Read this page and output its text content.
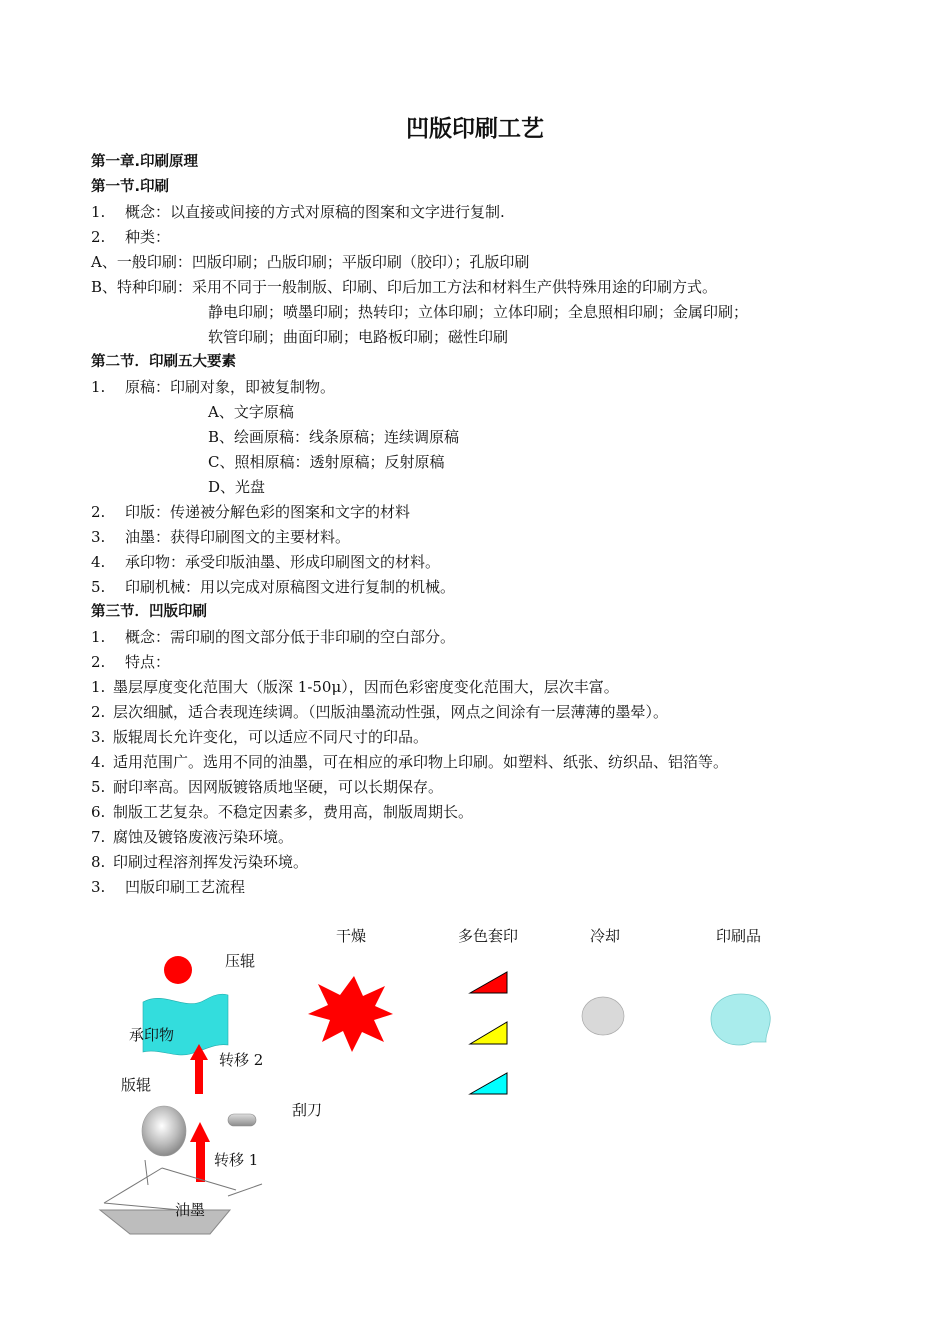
凹版印刷工艺
第一章.印刷原理
第一节.印刷
1. 概念：以直接或间接的方式对原稿的图案和文字进行复制.
2. 种类：
A、一般印刷：凹版印刷；凸版印刷；平版印刷（胶印）；孔版印刷
B、特种印刷：采用不同于一般制版、印刷、印后加工方法和材料生产供特殊用途的印刷方式。
静电印刷；喷墨印刷；热转印；立体印刷；立体印刷；全息照相印刷；金属印刷；
软管印刷；曲面印刷；电路板印刷；磁性印刷
第二节．印刷五大要素
1. 原稿：印刷对象，即被复制物。
A、文字原稿
B、绘画原稿：线条原稿；连续调原稿
C、照相原稿：透射原稿；反射原稿
D、光盘
2. 印版：传递被分解色彩的图案和文字的材料
3. 油墨：获得印刷图文的主要材料。
4. 承印物：承受印版油墨、形成印刷图文的材料。
5. 印刷机械：用以完成对原稿图文进行复制的机械。
第三节．凹版印刷
1. 概念：需印刷的图文部分低于非印刷的空白部分。
2. 特点：
1. 墨层厚度变化范围大（版深 1-50μ），因而色彩密度变化范围大，层次丰富。
2. 层次细腻，适合表现连续调。（凹版油墨流动性强，网点之间涂有一层薄薄的墨晕）。
3. 版辊周长允许变化，可以适应不同尺寸的印品。
4. 适用范围广。选用不同的油墨，可在相应的承印物上印刷。如塑料、纸张、纺织品、铝箔等。
5. 耐印率高。因网版镀铬质地坚硬，可以长期保存。
6. 制版工艺复杂。不稳定因素多，费用高，制版周期长。
7. 腐蚀及镀铬废液污染环境。
8. 印刷过程溶剂挥发污染环境。
3. 凹版印刷工艺流程
干燥	多色套印	冷却	印刷品
压辊
承印物
转移 2
版辊
刮刀
转移 1
油墨
